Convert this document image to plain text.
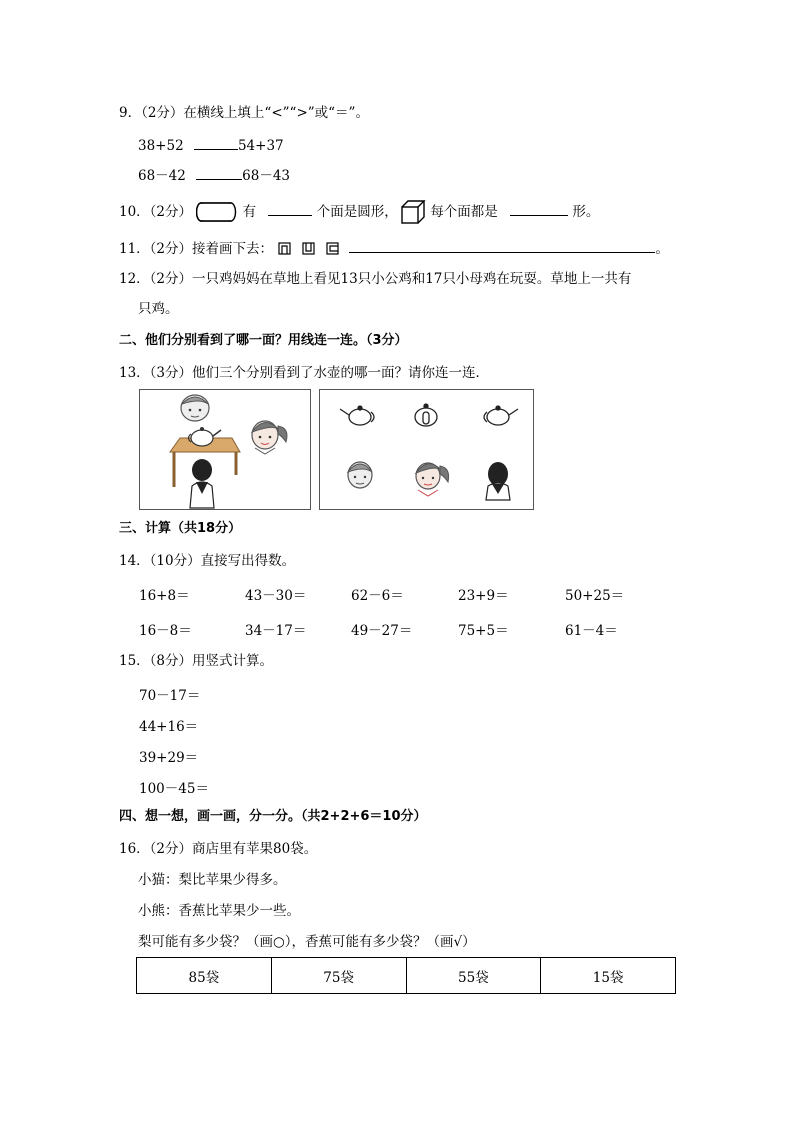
9．（2分）在横线上填上“<”“>”或“＝”。
38+52	54+37
68－42	68－43
10．（2分）	有	个面是圆形， 每个面都是	形。
11．（2分）接着画下去：	。
12．（2分）一只鸡妈妈在草地上看见13只小公鸡和17只小母鸡在玩耍。草地上一共有
只鸡。
二、他们分别看到了哪一面？用线连一连。（3分）
13．（3分）他们三个分别看到了水壶的哪一面？请你连一连．
三、计算（共18分）
14．（10分）直接写出得数。
16+8＝	43－30＝	62－6＝	23+9＝	50+25＝
16－8＝	34－17＝	49－27＝	75+5＝	61－4＝
15．（8分）用竖式计算。
70－17＝
44+16＝
39+29＝
100－45＝
四、想一想，画一画，分一分。（共2+2+6＝10分）
16．（2分）商店里有苹果80袋。
小猫：梨比苹果少得多。
小熊：香蕉比苹果少一些。
梨可能有多少袋？（画○），香蕉可能有多少袋？（画√）
85袋	75袋	55袋	15袋
